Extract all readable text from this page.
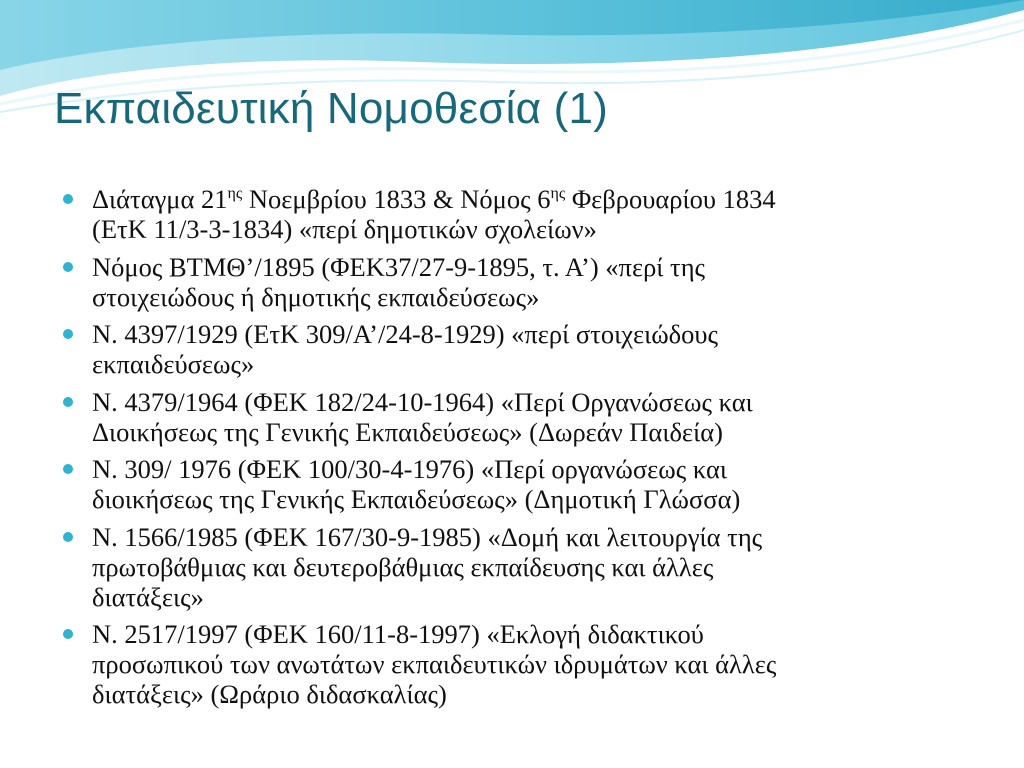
Εκπαιδευτική Νομοθεσία (1)
Διάταγμα $21^{\eta\varsigma}$ Νοεμβρίου 1833 & Νόμος $6^{\eta\varsigma}$ Φεβρουαρίου 1834
(ΕτΚ 11/3-3-1834) «περί δημοτικών σχολείων»
Νόμος ΒΤΜΘ’/1895 (ΦΕΚ37/27-9-1895, τ. Α’) «περί της
στοιχειώδους ή δημοτικής εκπαιδεύσεως»
Ν. 4397/1929 (ΕτΚ 309/Α’/24-8-1929) «περί στοιχειώδους
εκπαιδεύσεως»
Ν. 4379/1964 (ΦΕΚ 182/24-10-1964) «Περί Οργανώσεως και
Διοικήσεως της Γενικής Εκπαιδεύσεως» (Δωρεάν Παιδεία)
Ν. 309/ 1976 (ΦΕΚ 100/30-4-1976) «Περί οργανώσεως και
διοικήσεως της Γενικής Εκπαιδεύσεως» (Δημοτική Γλώσσα)
Ν. 1566/1985 (ΦΕΚ 167/30-9-1985) «Δομή και λειτουργία της
πρωτοβάθμιας και δευτεροβάθμιας εκπαίδευσης και άλλες
διατάξεις»
Ν. 2517/1997 (ΦΕΚ 160/11-8-1997) «Εκλογή διδακτικού
προσωπικού των ανωτάτων εκπαιδευτικών ιδρυμάτων και άλλες
διατάξεις» (Ωράριο διδασκαλίας)
